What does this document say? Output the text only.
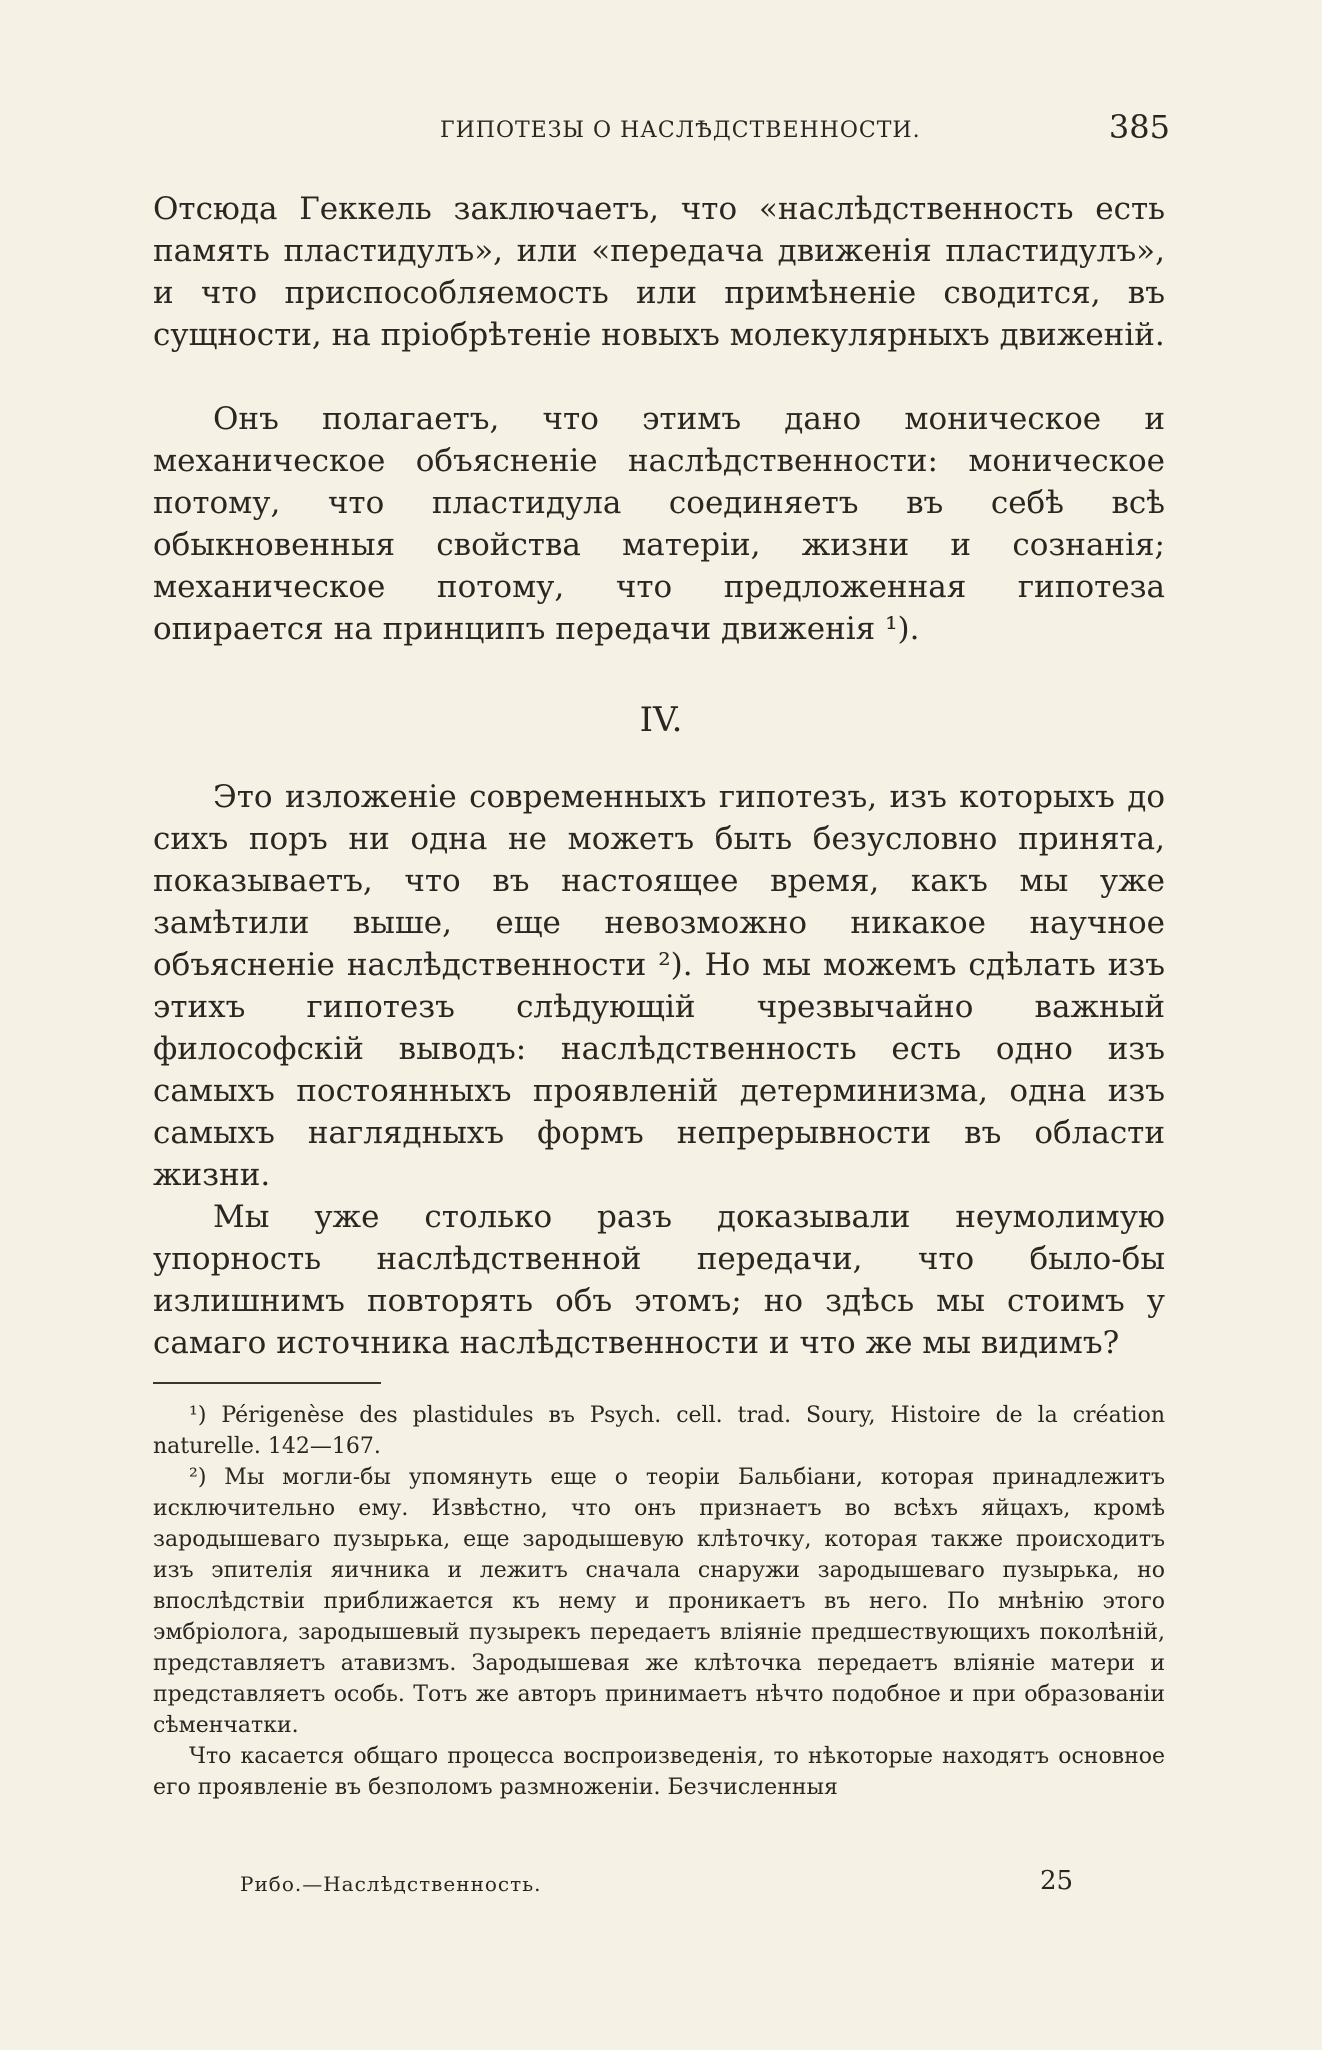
ГИПОТЕЗЫ О НАСЛѢДСТВЕННОСТИ.	385

Отсюда Геккель заключаетъ, что «наслѣдственность есть память пластидулъ», или «передача движенія пластидулъ», и что приспособляемость или примѣненіе сводится, въ сущности, на пріобрѣтеніе новыхъ молекулярныхъ движеній.

Онъ полагаетъ, что этимъ дано моническое и механическое объясненіе наслѣдственности: моническое потому, что пластидула соединяетъ въ себѣ всѣ обыкновенныя свойства матеріи, жизни и сознанія; механическое потому, что предложенная гипотеза опирается на принципъ передачи движенія ¹).

IV.

Это изложеніе современныхъ гипотезъ, изъ которыхъ до сихъ поръ ни одна не можетъ быть безусловно принята, показываетъ, что въ настоящее время, какъ мы уже замѣтили выше, еще невозможно никакое научное объясненіе наслѣдственности ²). Но мы можемъ сдѣлать изъ этихъ гипотезъ слѣдующій чрезвычайно важный философскій выводъ: наслѣдственность есть одно изъ самыхъ постоянныхъ проявленій детерминизма, одна изъ самыхъ наглядныхъ формъ непрерывности въ области жизни.

Мы уже столько разъ доказывали неумолимую упорность наслѣдственной передачи, что было-бы излишнимъ повторять объ этомъ; но здѣсь мы стоимъ у самаго источника наслѣдственности и что же мы видимъ?

¹) Périgenèse des plastidules въ Psych. cell. trad. Soury, Histoire de la création naturelle. 142—167.

²) Мы могли-бы упомянуть еще о теоріи Бальбіани, которая принадлежитъ исключительно ему. Извѣстно, что онъ признаетъ во всѣхъ яйцахъ, кромѣ зародышеваго пузырька, еще зародышевую клѣточку, которая также происходитъ изъ эпителія яичника и лежитъ сначала снаружи зародышеваго пузырька, но впослѣдствіи приближается къ нему и проникаетъ въ него. По мнѣнію этого эмбріолога, зародышевый пузырекъ передаетъ вліяніе предшествующихъ поколѣній, представляетъ атавизмъ. Зародышевая же клѣточка передаетъ вліяніе матери и представляетъ особь. Тотъ же авторъ принимаетъ нѣчто подобное и при образованіи сѣменчатки.

Что касается общаго процесса воспроизведенія, то нѣкоторые находятъ основное его проявленіе въ безполомъ размноженіи. Безчисленныя

Рибо.—Наслѣдственность.	25
